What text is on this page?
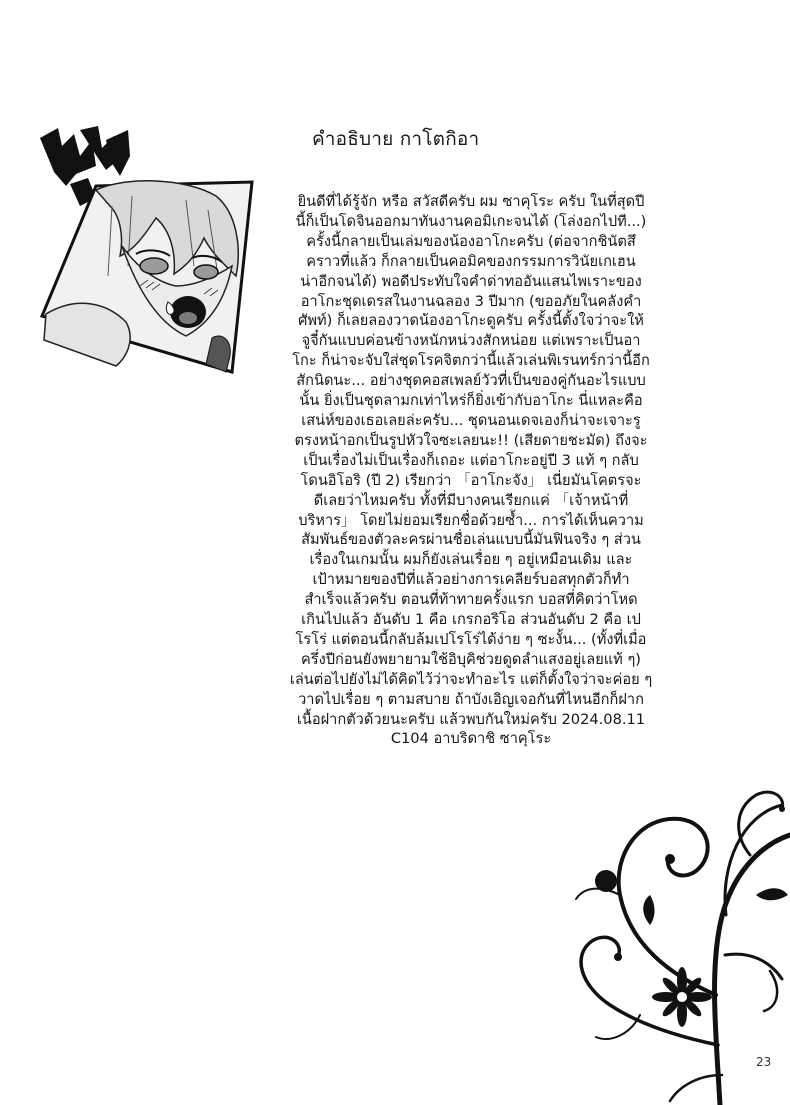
คำอธิบาย กาโตกิอา
ยินดีที่ได้รู้จัก หรือ สวัสดีครับ ผม ซาคุโระ ครับ ในที่สุดปี
นี้ก็เป็นโดจินออกมาทันงานคอมิเกะจนได้ (โล่งอกไปที...)
ครั้งนี้กลายเป็นเล่มของน้องอาโกะครับ (ต่อจากชินัตสึ
คราวที่แล้ว ก็กลายเป็นคอมิคของกรรมการวินัยเกเฮน
น่าอีกจนได้) พอดีประทับใจคำด่าทออันแสนไพเราะของ
อาโกะชุดเดรสในงานฉลอง 3 ปีมาก (ขออภัยในคลังคำ
ศัพท์) ก็เลยลองวาดน้องอาโกะดูครับ ครั้งนี้ตั้งใจว่าจะให้
จูจี๋กันแบบค่อนข้างหนักหน่วงสักหน่อย แต่เพราะเป็นอา
โกะ ก็น่าจะจับใส่ชุดโรคจิตกว่านี้แล้วเล่นพิเรนทร์กว่านี้อีก
สักนิดนะ... อย่างชุดคอสเพลย์วัวที่เป็นของคู่กันอะไรแบบ
นั้น ยิ่งเป็นชุดลามกเท่าไหร่ก็ยิ่งเข้ากับอาโกะ นี่แหละคือ
เสน่ห์ของเธอเลยล่ะครับ... ชุดนอนเดจเองก็น่าจะเจาะรู
ตรงหน้าอกเป็นรูปหัวใจซะเลยนะ!! (เสียดายชะมัด) ถึงจะ
เป็นเรื่องไม่เป็นเรื่องก็เถอะ แต่อาโกะอยู่ปี 3 แท้ ๆ กลับ
โดนอิโอริ (ปี 2) เรียกว่า 「อาโกะจัง」 เนี่ยมันโคตรจะ
ดีเลยว่าไหมครับ ทั้งที่มีบางคนเรียกแค่ 「เจ้าหน้าที่
บริหาร」 โดยไม่ยอมเรียกชื่อด้วยซ้ำ... การได้เห็นความ
สัมพันธ์ของตัวละครผ่านชื่อเล่นแบบนี้มันฟินจริง ๆ ส่วน
เรื่องในเกมนั้น ผมก็ยังเล่นเรื่อย ๆ อยู่เหมือนเดิม และ
เป้าหมายของปีที่แล้วอย่างการเคลียร์บอสทุกตัวก็ทำ
สำเร็จแล้วครับ ตอนที่ท้าทายครั้งแรก บอสที่คิดว่าโหด
เกินไปแล้ว อันดับ 1 คือ เกรกอริโอ ส่วนอันดับ 2 คือ เป
โรโร่ แต่ตอนนี้กลับล้มเปโรโร่ได้ง่าย ๆ ซะงั้น... (ทั้งที่เมื่อ
ครึ่งปีก่อนยังพยายามใช้อิบุคิช่วยดูดลำแสงอยู่เลยแท้ ๆ)
เล่นต่อไปยังไม่ได้คิดไว้ว่าจะทำอะไร แต่ก็ตั้งใจว่าจะค่อย ๆ
วาดไปเรื่อย ๆ ตามสบาย ถ้าบังเอิญเจอกันที่ไหนอีกก็ฝาก
เนื้อฝากตัวด้วยนะครับ แล้วพบกันใหม่ครับ 2024.08.11
C104 อาบริดาชิ ซาคุโระ
23
